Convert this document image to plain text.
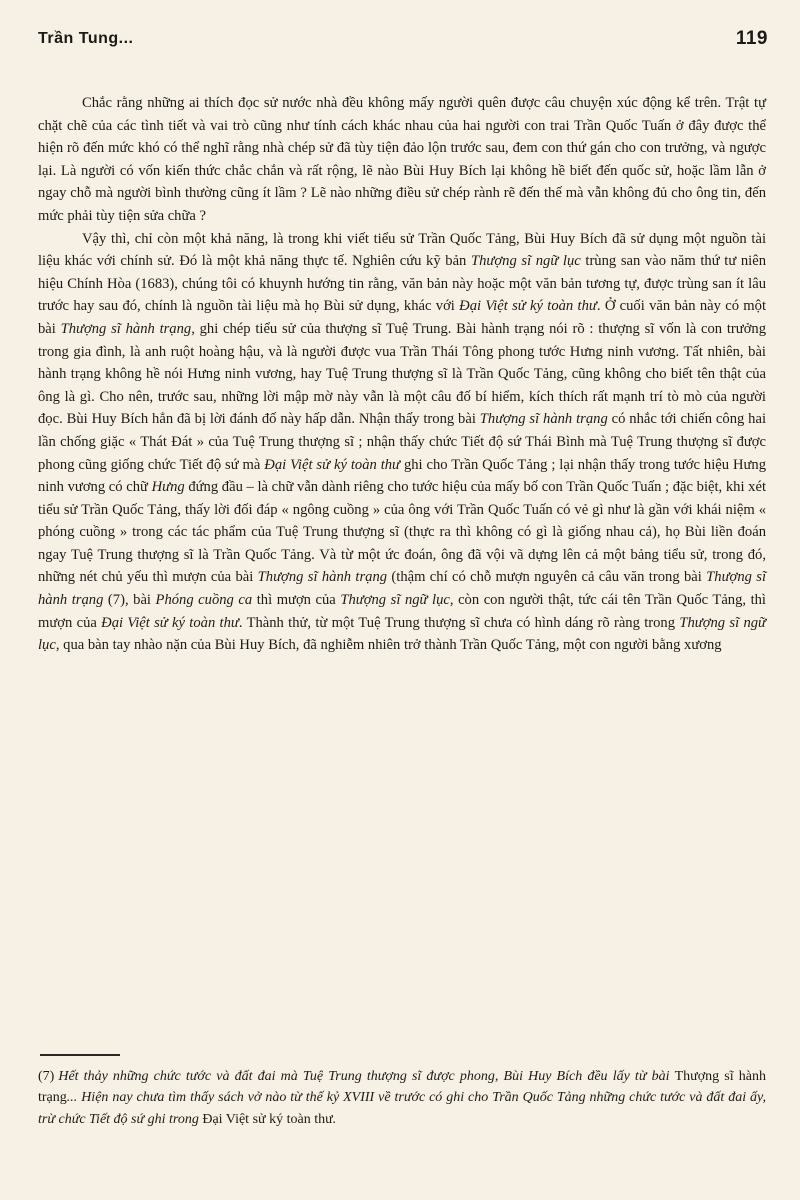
Trần Tung...	119

Chắc rằng những ai thích đọc sử nước nhà đều không mấy người quên được câu chuyện xúc động kể trên. Trật tự chặt chẽ của các tình tiết và vai trò cũng như tính cách khác nhau của hai người con trai Trần Quốc Tuấn ở đây được thể hiện rõ đến mức khó có thể nghĩ rằng nhà chép sử đã tùy tiện đảo lộn trước sau, đem con thứ gán cho con trưởng, và ngược lại. Là người có vốn kiến thức chắc chắn và rất rộng, lẽ nào Bùi Huy Bích lại không hề biết đến quốc sử, hoặc lầm lẫn ở ngay chỗ mà người bình thường cũng ít lầm ? Lẽ nào những điều sử chép rành rẽ đến thế mà vẫn không đủ cho ông tin, đến mức phải tùy tiện sửa chữa ?

Vậy thì, chỉ còn một khả năng, là trong khi viết tiểu sử Trần Quốc Tảng, Bùi Huy Bích đã sử dụng một nguồn tài liệu khác với chính sử. Đó là một khả năng thực tế. Nghiên cứu kỹ bản Thượng sĩ ngữ lục trùng san vào năm thứ tư niên hiệu Chính Hòa (1683), chúng tôi có khuynh hướng tin rằng, văn bản này hoặc một văn bản tương tự, được trùng san ít lâu trước hay sau đó, chính là nguồn tài liệu mà họ Bùi sử dụng, khác với Đại Việt sử ký toàn thư. Ở cuối văn bản này có một bài Thượng sĩ hành trạng, ghi chép tiểu sử của thượng sĩ Tuệ Trung. Bài hành trạng nói rõ : thượng sĩ vốn là con trưởng trong gia đình, là anh ruột hoàng hậu, và là người được vua Trần Thái Tông phong tước Hưng ninh vương. Tất nhiên, bài hành trạng không hề nói Hưng ninh vương, hay Tuệ Trung thượng sĩ là Trần Quốc Tảng, cũng không cho biết tên thật của ông là gì. Cho nên, trước sau, những lời mập mờ này vẫn là một câu đố bí hiểm, kích thích rất mạnh trí tò mò của người đọc. Bùi Huy Bích hẳn đã bị lời đánh đố này hấp dẫn. Nhận thấy trong bài Thượng sĩ hành trạng có nhắc tới chiến công hai lần chống giặc « Thát Đát » của Tuệ Trung thượng sĩ ; nhận thấy chức Tiết độ sứ Thái Bình mà Tuệ Trung thượng sĩ được phong cũng giống chức Tiết độ sứ mà Đại Việt sử ký toàn thư ghi cho Trần Quốc Tảng ; lại nhận thấy trong tước hiệu Hưng ninh vương có chữ Hưng đứng đầu – là chữ vẫn dành riêng cho tước hiệu của mấy bố con Trần Quốc Tuấn ; đặc biệt, khi xét tiểu sử Trần Quốc Tảng, thấy lời đối đáp « ngông cuồng » của ông với Trần Quốc Tuấn có vẻ gì như là gần với khái niệm « phóng cuồng » trong các tác phẩm của Tuệ Trung thượng sĩ (thực ra thì không có gì là giống nhau cả), họ Bùi liền đoán ngay Tuệ Trung thượng sĩ là Trần Quốc Tảng. Và từ một ức đoán, ông đã vội vã dựng lên cả một bảng tiểu sử, trong đó, những nét chủ yếu thì mượn của bài Thượng sĩ hành trạng (thậm chí có chỗ mượn nguyên cả câu văn trong bài Thượng sĩ hành trạng (7), bài Phóng cuồng ca thì mượn của Thượng sĩ ngữ lục, còn con người thật, tức cái tên Trần Quốc Tảng, thì mượn của Đại Việt sử ký toàn thư. Thành thử, từ một Tuệ Trung thượng sĩ chưa có hình dáng rõ ràng trong Thượng sĩ ngữ lục, qua bàn tay nhào nặn của Bùi Huy Bích, đã nghiễm nhiên trở thành Trần Quốc Tảng, một con người bằng xương

(7) Hết thảy những chức tước và đất đai mà Tuệ Trung thượng sĩ được phong, Bùi Huy Bích đều lấy từ bài Thượng sĩ hành trạng... Hiện nay chưa tìm thấy sách vở nào từ thế kỷ XVIII về trước có ghi cho Trần Quốc Tảng những chức tước và đất đai ấy, trừ chức Tiết độ sứ ghi trong Đại Việt sử ký toàn thư.
